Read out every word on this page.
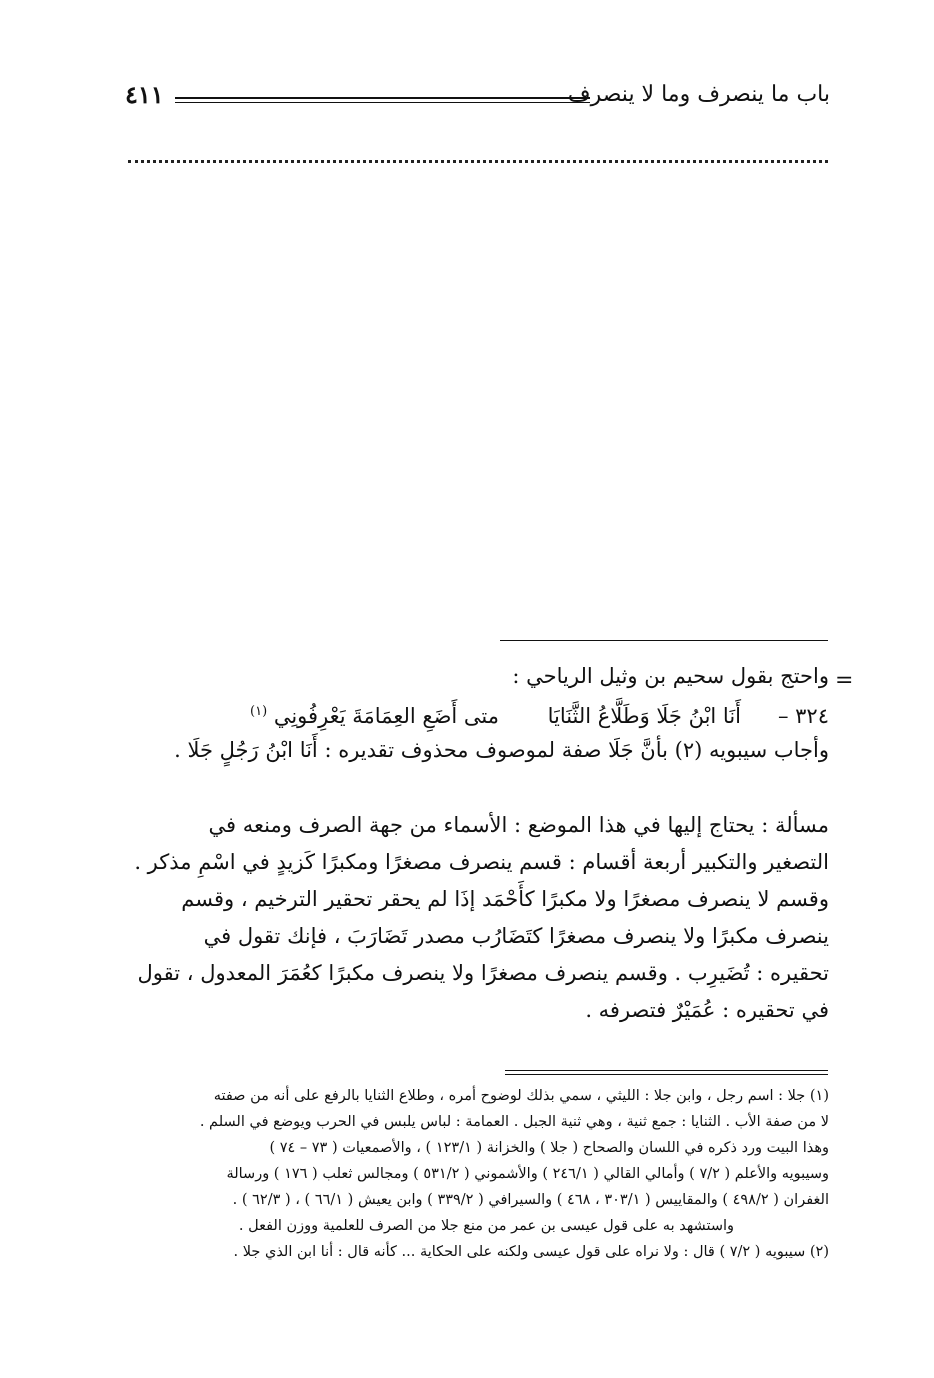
باب ما ينصرف وما لا ينصرف
٤١١
=
واحتج بقول سحيم بن وثيل الرياحي :
٣٢٤ –
أَنَا ابْنُ جَلَا وَطَلَّاعُ الثَّنَايَا
متى أَضَعِ العِمَامَةَ يَعْرِفُونِي $^{(١)}$
وأجاب سيبويه (٢) بأنَّ جَلَا صفة لموصوف محذوف تقديره : أَنَا ابْنُ رَجُلٍ جَلَا .
مسألة : يحتاج إليها في هذا الموضع : الأسماء من جهة الصرف ومنعه في
التصغير والتكبير أربعة أقسام : قسم ينصرف مصغرًا ومكبرًا كَزيدٍ في اسْمِ مذكر .
وقسم لا ينصرف مصغرًا ولا مكبرًا كأَحْمَد إذَا لم يحقر تحقير الترخيم ، وقسم
ينصرف مكبرًا ولا ينصرف مصغرًا كتَضَارُب مصدر تَضَارَبَ ، فإنك تقول في
تحقيره : تُضَيرِب . وقسم ينصرف مصغرًا ولا ينصرف مكبرًا كعُمَرَ المعدول ، تقول
في تحقيره : عُمَيْرٌ فتصرفه .
(١) جلا : اسم رجل ، وابن جلا : الليثي ، سمي بذلك لوضوح أمره ، وطلاع الثنايا بالرفع على أنه من صفته
لا من صفة الأب . الثنايا : جمع ثنية ، وهي ثنية الجبل . العمامة : لباس يلبس في الحرب ويوضع في السلم .
وهذا البيت ورد ذكره في اللسان والصحاح ( جلا ) والخزانة ( ١٢٣/١ ) ، والأصمعيات ( ٧٣ – ٧٤ )
وسيبويه والأعلم ( ٧/٢ ) وأمالي القالي ( ٢٤٦/١ ) والأشموني ( ٥٣١/٢ ) ومجالس ثعلب ( ١٧٦ ) ورسالة
الغفران ( ٤٩٨/٢ ) والمقاييس ( ٣٠٣/١ ، ٤٦٨ ) والسيرافي ( ٣٣٩/٢ ) وابن يعيش ( ٦٦/١ ) ، ( ٦٢/٣ ) .
واستشهد به على قول عيسى بن عمر من منع جلا من الصرف للعلمية ووزن الفعل .
(٢) سيبويه ( ٧/٢ ) قال : ولا نراه على قول عيسى ولكنه على الحكاية ... كأنه قال : أنا ابن الذي جلا .
